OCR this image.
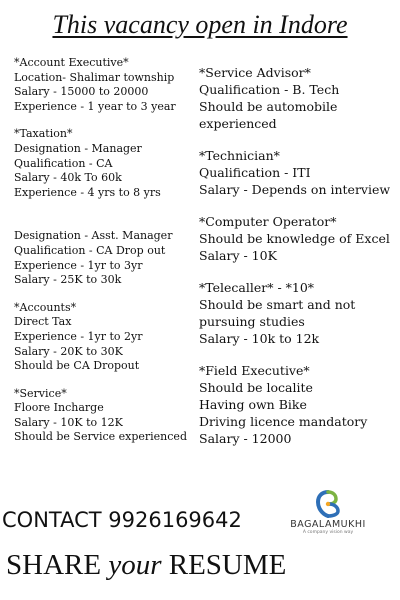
This vacancy open in Indore
*Account Executive*
Location- Shalimar township
Salary - 15000 to 20000
Experience - 1 year to 3 year
*Taxation*
Designation - Manager
Qualification - CA
Salary - 40k To 60k
Experience - 4 yrs to 8 yrs
Designation - Asst. Manager
Qualification - CA Drop out
Experience - 1yr to 3yr
Salary - 25K to 30k
*Accounts*
Direct Tax
Experience - 1yr to 2yr
Salary - 20K to 30K
Should be CA Dropout
*Service*
Floore Incharge
Salary - 10K to 12K
Should be Service experienced
*Service Advisor*
Qualification - B. Tech
Should be automobile
experienced
*Technician*
Qualification - ITI
Salary - Depends on interview
*Computer Operator*
Should be knowledge of Excel
Salary - 10K
*Telecaller* - *10*
Should be smart and not
pursuing studies
Salary - 10k to 12k
*Field Executive*
Should be localite
Having own Bike
Driving licence mandatory
Salary - 12000
CONTACT 9926169642
SHARE your RESUME
BAGALAMUKHI
A company vision way
